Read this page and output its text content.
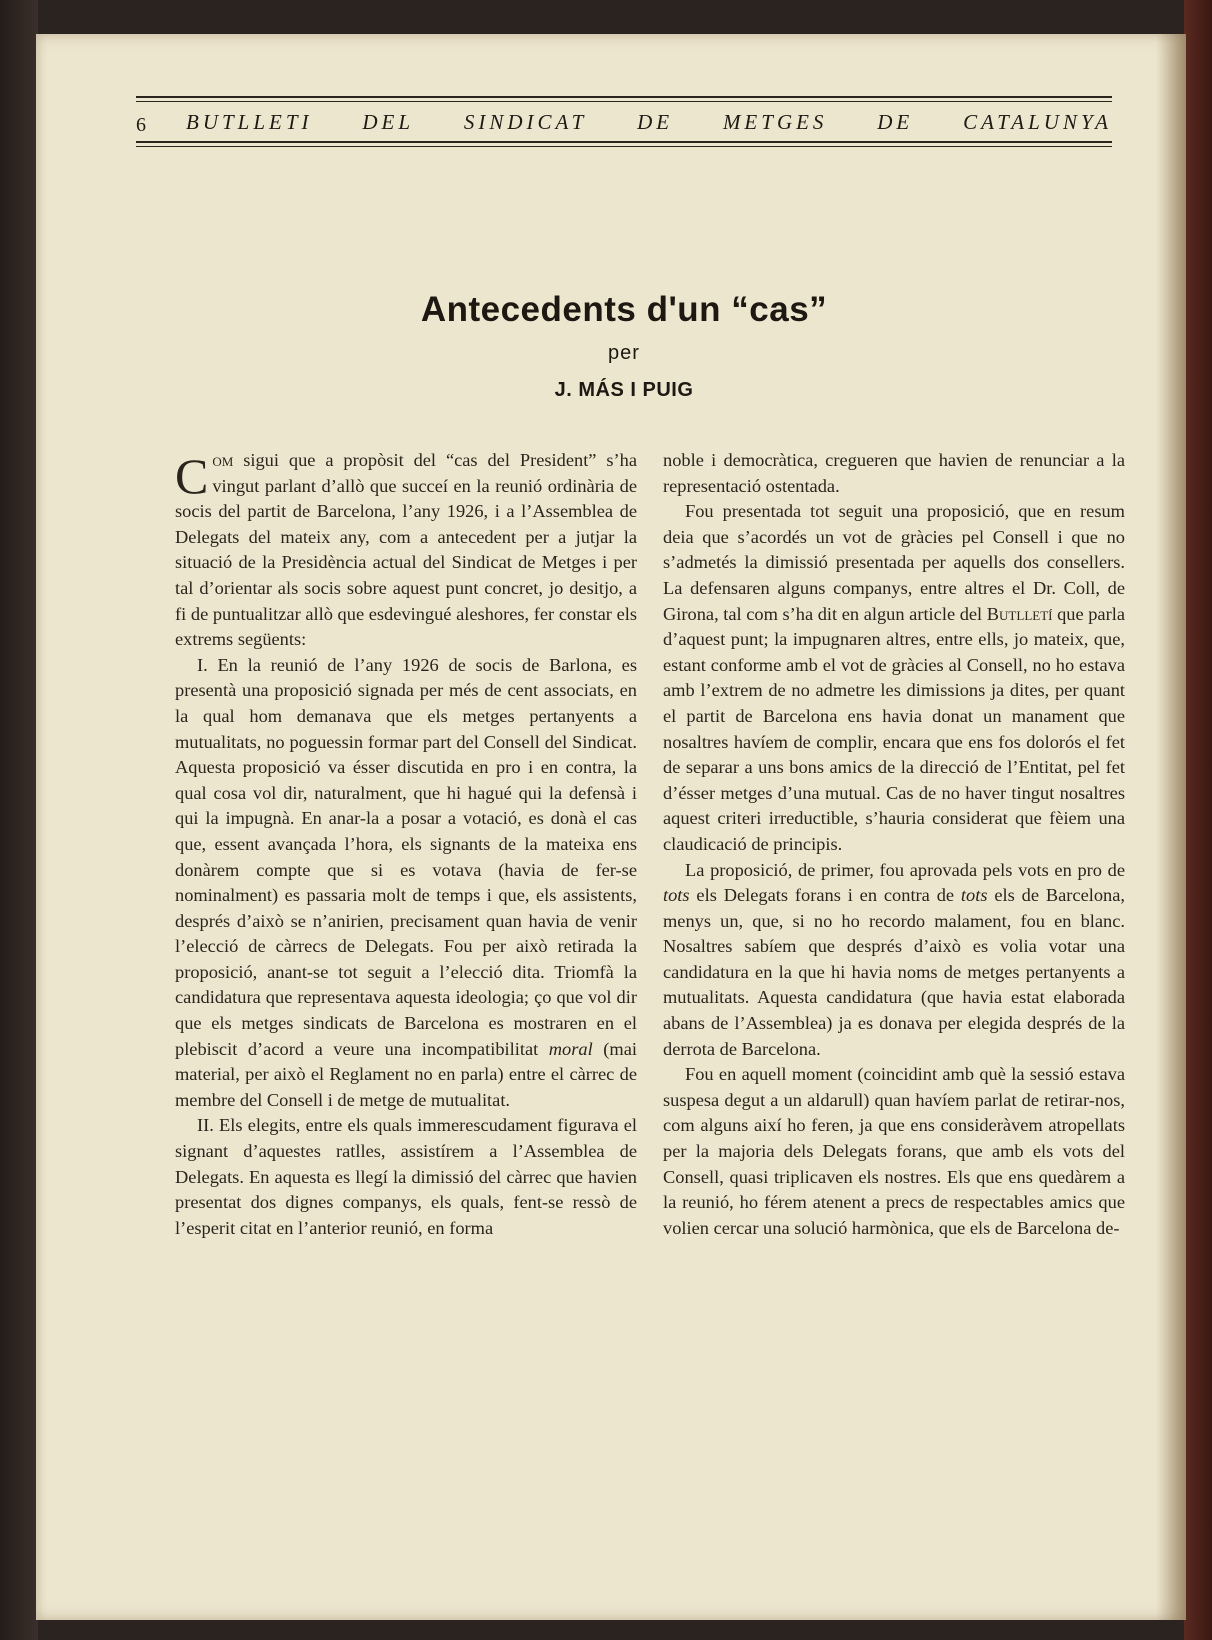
6 BUTLLETI DEL SINDICAT DE METGES DE CATALUNYA
Antecedents d'un “cas”
per
J. MÁS I PUIG

Com sigui que a propòsit del “cas del President” s’ha vingut parlant d’allò que succeí en la reunió ordinària de socis del partit de Barcelona, l’any 1926, i a l’Assemblea de Delegats del mateix any, com a antecedent per a jutjar la situació de la Presidència actual del Sindicat de Metges i per tal d’orientar als socis sobre aquest punt concret, jo desitjo, a fi de puntualitzar allò que esdevingué aleshores, fer constar els extrems següents:

I. En la reunió de l’any 1926 de socis de Barlona, es presentà una proposició signada per més de cent associats, en la qual hom demanava que els metges pertanyents a mutualitats, no poguessin formar part del Consell del Sindicat. Aquesta proposició va ésser discutida en pro i en contra, la qual cosa vol dir, naturalment, que hi hagué qui la defensà i qui la impugnà. En anar-la a posar a votació, es donà el cas que, essent avançada l’hora, els signants de la mateixa ens donàrem compte que si es votava (havia de fer-se nominalment) es passaria molt de temps i que, els assistents, després d’això se n’anirien, precisament quan havia de venir l’elecció de càrrecs de Delegats. Fou per això retirada la proposició, anant-se tot seguit a l’elecció dita. Triomfà la candidatura que representava aquesta ideologia; ço que vol dir que els metges sindicats de Barcelona es mostraren en el plebiscit d’acord a veure una incompatibilitat moral (mai material, per això el Reglament no en parla) entre el càrrec de membre del Consell i de metge de mutualitat.

II. Els elegits, entre els quals immerescudament figurava el signant d’aquestes ratlles, assistírem a l’Assemblea de Delegats. En aquesta es llegí la dimissió del càrrec que havien presentat dos dignes companys, els quals, fent-se ressò de l’esperit citat en l’anterior reunió, en forma

noble i democràtica, cregueren que havien de renunciar a la representació ostentada.

Fou presentada tot seguit una proposició, que en resum deia que s’acordés un vot de gràcies pel Consell i que no s’admetés la dimissió presentada per aquells dos consellers. La defensaren alguns companys, entre altres el Dr. Coll, de Girona, tal com s’ha dit en algun article del Butlletí que parla d’aquest punt; la impugnaren altres, entre ells, jo mateix, que, estant conforme amb el vot de gràcies al Consell, no ho estava amb l’extrem de no admetre les dimissions ja dites, per quant el partit de Barcelona ens havia donat un manament que nosaltres havíem de complir, encara que ens fos dolorós el fet de separar a uns bons amics de la direcció de l’Entitat, pel fet d’ésser metges d’una mutual. Cas de no haver tingut nosaltres aquest criteri irreductible, s’hauria considerat que fèiem una claudicació de principis.

La proposició, de primer, fou aprovada pels vots en pro de tots els Delegats forans i en contra de tots els de Barcelona, menys un, que, si no ho recordo malament, fou en blanc. Nosaltres sabíem que després d’això es volia votar una candidatura en la que hi havia noms de metges pertanyents a mutualitats. Aquesta candidatura (que havia estat elaborada abans de l’Assemblea) ja es donava per elegida després de la derrota de Barcelona.

Fou en aquell moment (coincidint amb què la sessió estava suspesa degut a un aldarull) quan havíem parlat de retirar-nos, com alguns així ho feren, ja que ens consideràvem atropellats per la majoria dels Delegats forans, que amb els vots del Consell, quasi triplicaven els nostres. Els que ens quedàrem a la reunió, ho férem atenent a precs de respectables amics que volien cercar una solució harmònica, que els de Barcelona de-
